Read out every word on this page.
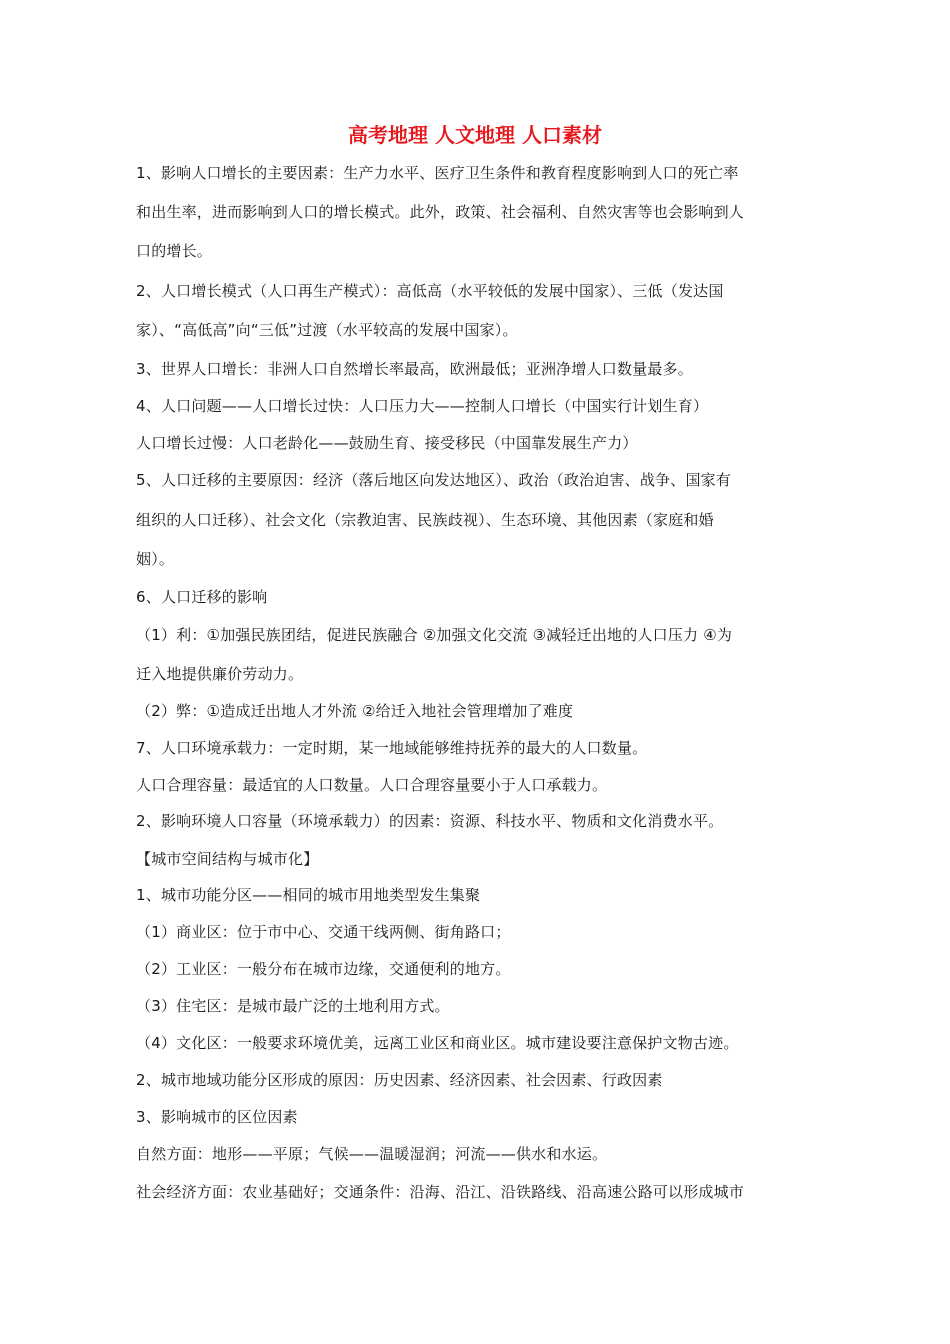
高考地理 人文地理 人口素材
1、影响人口增长的主要因素：生产力水平、医疗卫生条件和教育程度影响到人口的死亡率
和出生率，进而影响到人口的增长模式。此外，政策、社会福利、自然灾害等也会影响到人
口的增长。
2、人口增长模式（人口再生产模式）：高低高（水平较低的发展中国家）、三低（发达国
家）、“高低高”向“三低”过渡（水平较高的发展中国家）。
3、世界人口增长：非洲人口自然增长率最高，欧洲最低；亚洲净增人口数量最多。
4、人口问题——人口增长过快：人口压力大——控制人口增长（中国实行计划生育）
人口增长过慢：人口老龄化——鼓励生育、接受移民（中国靠发展生产力）
5、人口迁移的主要原因：经济（落后地区向发达地区）、政治（政治迫害、战争、国家有
组织的人口迁移）、社会文化（宗教迫害、民族歧视）、生态环境、其他因素（家庭和婚
姻）。
6、人口迁移的影响
（1）利：①加强民族团结，促进民族融合 ②加强文化交流 ③减轻迁出地的人口压力 ④为
迁入地提供廉价劳动力。
（2）弊：①造成迁出地人才外流 ②给迁入地社会管理增加了难度
7、人口环境承载力：一定时期，某一地域能够维持抚养的最大的人口数量。
人口合理容量：最适宜的人口数量。人口合理容量要小于人口承载力。
2、影响环境人口容量（环境承载力）的因素：资源、科技水平、物质和文化消费水平。
【城市空间结构与城市化】
1、城市功能分区——相同的城市用地类型发生集聚
（1）商业区：位于市中心、交通干线两侧、街角路口；
（2）工业区：一般分布在城市边缘，交通便利的地方。
（3）住宅区：是城市最广泛的土地利用方式。
（4）文化区：一般要求环境优美，远离工业区和商业区。城市建设要注意保护文物古迹。
2、城市地域功能分区形成的原因：历史因素、经济因素、社会因素、行政因素
3、影响城市的区位因素
自然方面：地形——平原；气候——温暖湿润；河流——供水和水运。
社会经济方面：农业基础好；交通条件：沿海、沿江、沿铁路线、沿高速公路可以形成城市
